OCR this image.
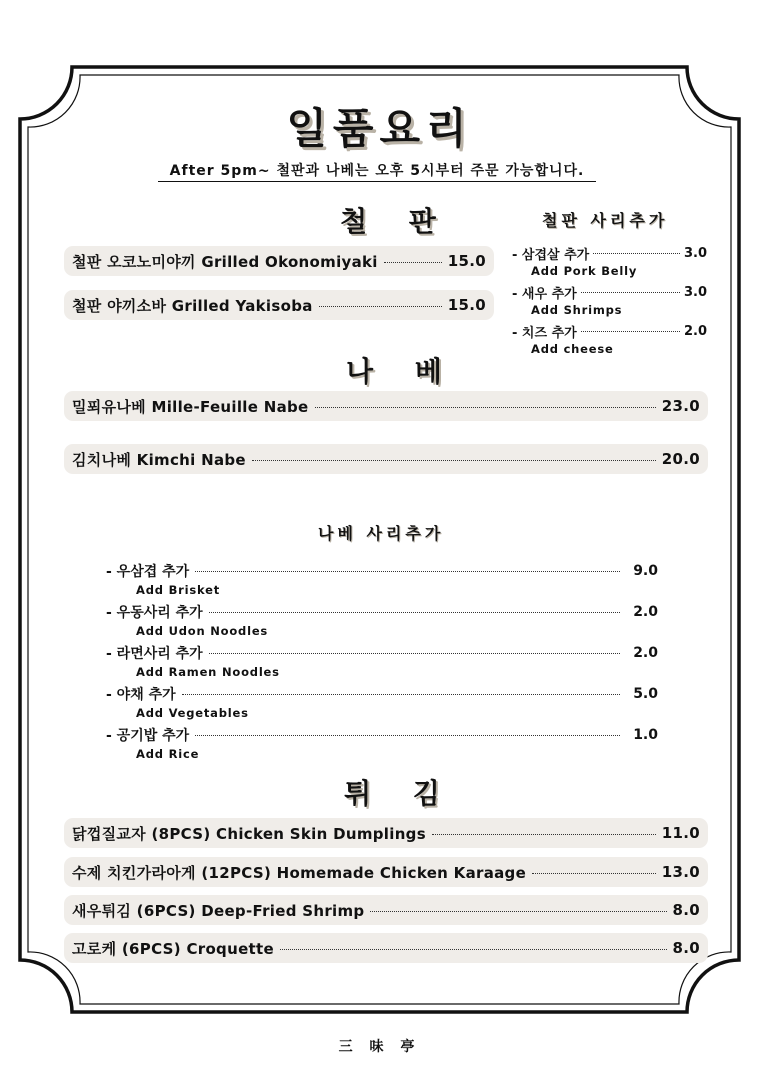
일품요리
After 5pm~ 철판과 나베는 오후 5시부터 주문 가능합니다.
철 판
철판 오코노미야끼 Grilled Okonomiyaki	15.0
철판 야끼소바 Grilled Yakisoba	15.0
철판 사리추가
- 삼겹살 추가	3.0
Add Pork Belly
- 새우 추가	3.0
Add Shrimps
- 치즈 추가	2.0
Add cheese
나 베
밀푀유나베 Mille-Feuille Nabe	23.0
김치나베 Kimchi Nabe	20.0
나베 사리추가
- 우삼겹 추가	9.0
Add Brisket
- 우동사리 추가	2.0
Add Udon Noodles
- 라면사리 추가	2.0
Add Ramen Noodles
- 야채 추가	5.0
Add Vegetables
- 공기밥 추가	1.0
Add Rice
튀 김
닭껍질교자 (8PCS) Chicken Skin Dumplings	11.0
수제 치킨가라아게 (12PCS) Homemade Chicken Karaage	13.0
새우튀김 (6PCS) Deep-Fried Shrimp	8.0
고로케 (6PCS) Croquette	8.0
三 味 亭
